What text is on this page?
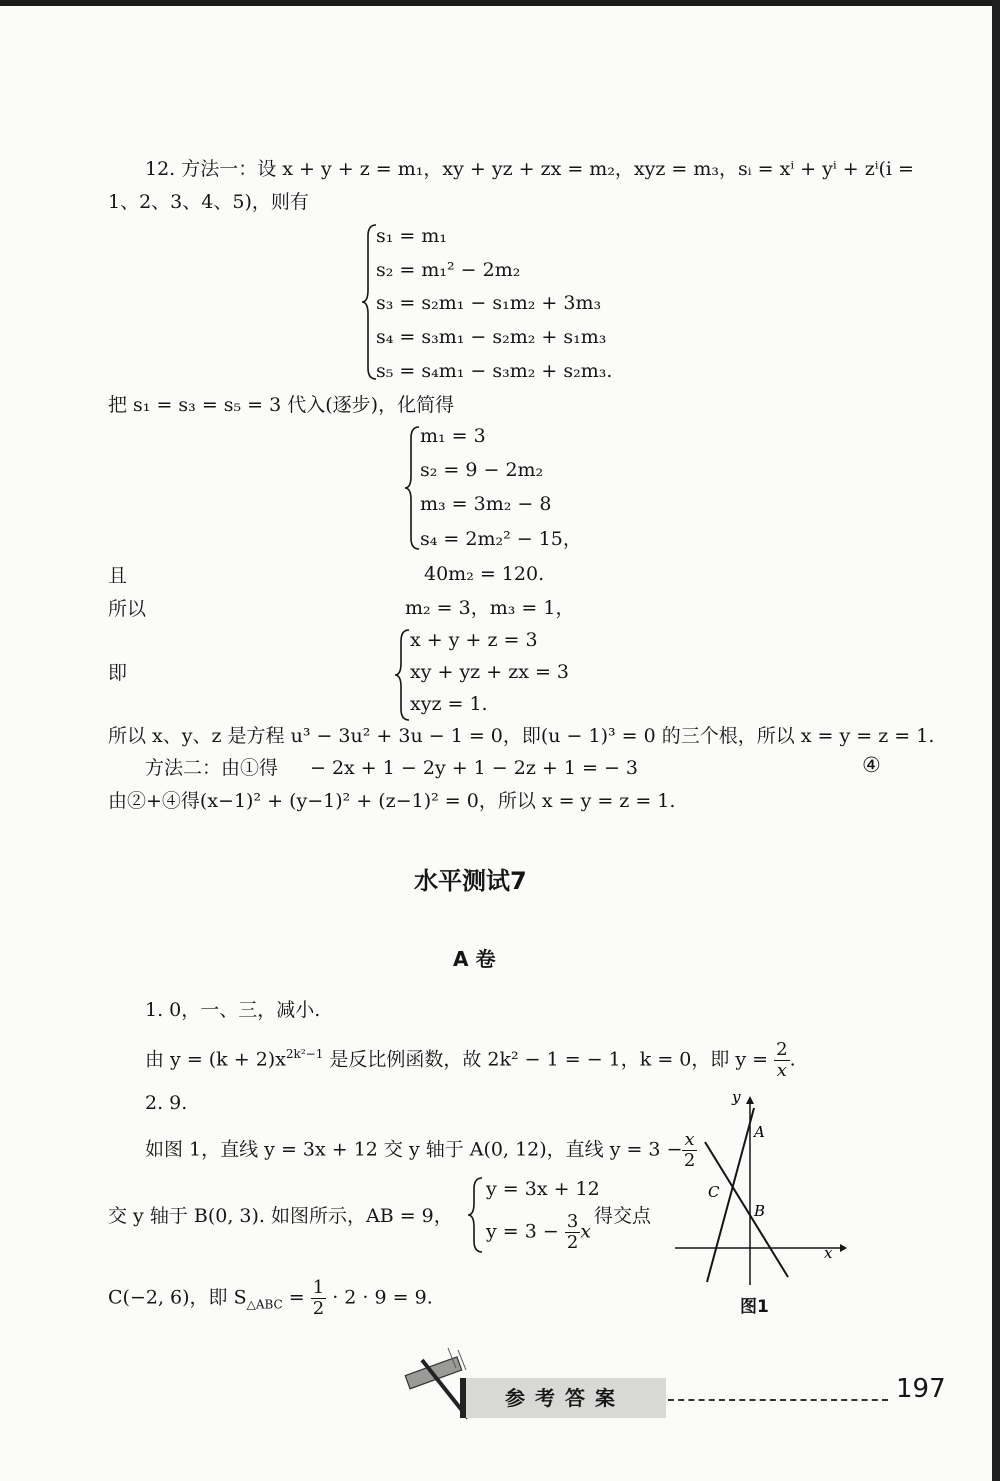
12. 方法一：设 x + y + z = m₁，xy + yz + zx = m₂，xyz = m₃，sᵢ = xⁱ + yⁱ + zⁱ(i =
1、2、3、4、5)，则有
s₁ = m₁
s₂ = m₁² − 2m₂
s₃ = s₂m₁ − s₁m₂ + 3m₃
s₄ = s₃m₁ − s₂m₂ + s₁m₃
s₅ = s₄m₁ − s₃m₂ + s₂m₃.
把 s₁ = s₃ = s₅ = 3 代入(逐步)，化简得
m₁ = 3
s₂ = 9 − 2m₂
m₃ = 3m₂ − 8
s₄ = 2m₂² − 15，
且	40m₂ = 120.
所以	m₂ = 3，m₃ = 1，
即
x + y + z = 3
xy + yz + zx = 3
xyz = 1.
所以 x、y、z 是方程 u³ − 3u² + 3u − 1 = 0，即(u − 1)³ = 0 的三个根，所以 x = y = z = 1.
方法二：由①得 − 2x + 1 − 2y + 1 − 2z + 1 = − 3	④
由②+④得(x−1)² + (y−1)² + (z−1)² = 0，所以 x = y = z = 1.
水平测试7
A 卷
1. 0，一、三，减小.
由 $y = (k + 2)x^{2k^2-1}$ 是反比例函数，故 2k² − 1 = − 1，k = 0，即 $y = \frac{2}{x}$ .
2. 9.
如图 1，直线 y = 3x + 12 交 y 轴于 A(0, 12)，直线 $y = 3 - \frac{x}{2}$
交 y 轴于 B(0, 3). 如图所示，AB = 9，
y = 3x + 12
$y = 3 - \frac{3}{2}$ x
得交点
C(−2, 6)，即 $S_{\triangle ABC} = \frac{1}{2} \cdot 2 \cdot 9 = 9$.
y
x
A
B
C
图1
参考答案	197
